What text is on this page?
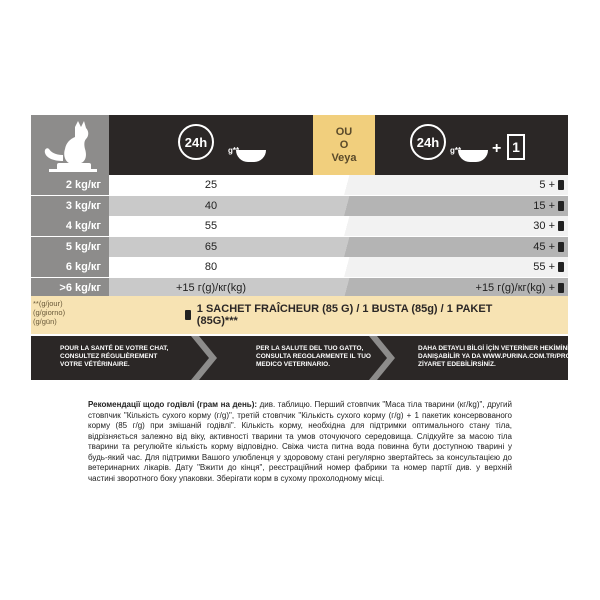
24h
g**
OU
O
Veya
24h
g** + 1
2 kg/кг	25	5 +
3 kg/кг	40	15 +
4 kg/кг	55	30 +
5 kg/кг	65	45 +
6 kg/кг	80	55 +
>6 kg/кг	+15 г(g)/кг(kg)	+15 г(g)/кг(kg) +
**(g/jour)
(g/giorno)
(g/gün)
1 SACHET FRAÎCHEUR (85 G) / 1 BUSTA (85g) / 1 PAKET (85G)***
POUR LA SANTÉ DE VOTRE CHAT,
CONSULTEZ RÉGULIÈREMENT
VOTRE VÉTÉRINAIRE.
PER LA SALUTE DEL TUO GATTO,
CONSULTA REGOLARMENTE IL TUO
MEDICO VETERINARIO.
DAHA DETAYLI BİLGİ İÇİN VETERİNER HEKİMİNİZE
DANIŞABİLİR YA DA WWW.PURINA.COM.TR/PROPLAN'I
ZİYARET EDEBİLİRSİNİZ.
Рекомендації щодо годівлі (грам на день): див. таблицю. Перший стовпчик "Маса тіла тварини (кг/kg)", другий стовпчик "Кількість сухого корму (г/g)", третій стовпчик "Кількість сухого корму (г/g) + 1 пакетик консервованого корму (85 г/g) при змішаній годівлі". Кількість корму, необхідна для підтримки оптимального стану тіла, відрізняється залежно від віку, активності тварини та умов оточуючого середовища. Слідкуйте за масою тіла тварини та регулюйте кількість корму відповідно. Свіжа чиста питна вода повинна бути доступною тварині у будь-який час. Для підтримки Вашого улюбленця у здоровому стані регулярно звертайтесь за консультацією до ветеринарних лікарів. Дату "Вжити до кінця", реєстраційний номер фабрики та номер партії див. у верхній частині зворотного боку упаковки. Зберігати корм в сухому прохолодному місці.
